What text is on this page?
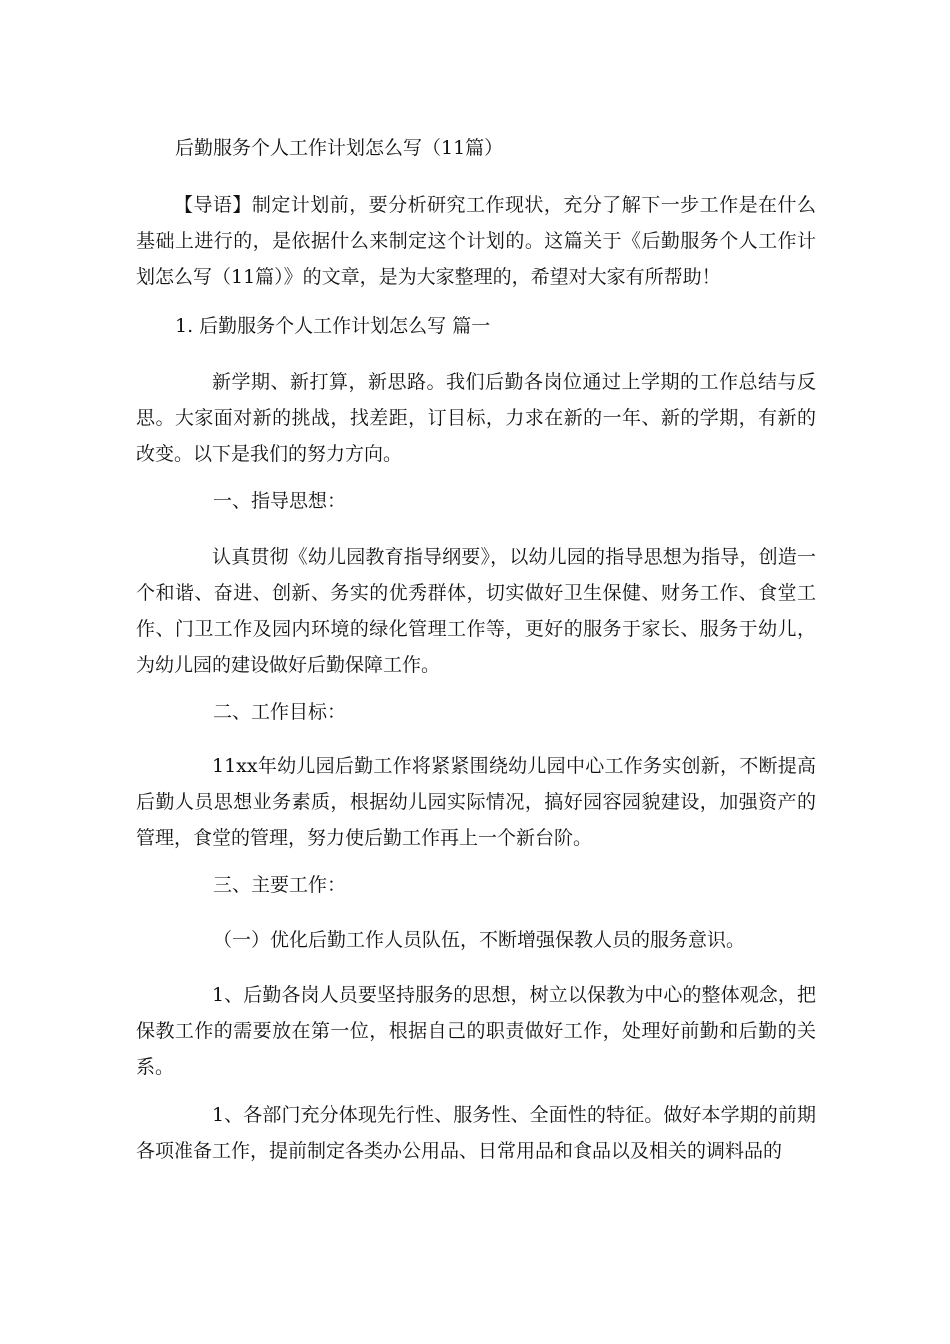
后勤服务个人工作计划怎么写（11篇）

【导语】制定计划前，要分析研究工作现状，充分了解下一步工作是在什么基础上进行的，是依据什么来制定这个计划的。这篇关于《后勤服务个人工作计划怎么写（11篇）》的文章，是为大家整理的，希望对大家有所帮助！

1. 后勤服务个人工作计划怎么写 篇一

新学期、新打算，新思路。我们后勤各岗位通过上学期的工作总结与反思。大家面对新的挑战，找差距，订目标，力求在新的一年、新的学期，有新的改变。以下是我们的努力方向。

一、指导思想：

认真贯彻《幼儿园教育指导纲要》，以幼儿园的指导思想为指导，创造一个和谐、奋进、创新、务实的优秀群体，切实做好卫生保健、财务工作、食堂工作、门卫工作及园内环境的绿化管理工作等，更好的服务于家长、服务于幼儿，为幼儿园的建设做好后勤保障工作。

二、工作目标：

11xx年幼儿园后勤工作将紧紧围绕幼儿园中心工作务实创新，不断提高后勤人员思想业务素质，根据幼儿园实际情况，搞好园容园貌建设，加强资产的管理，食堂的管理，努力使后勤工作再上一个新台阶。

三、主要工作：
（一）优化后勤工作人员队伍，不断增强保教人员的服务意识。

1、后勤各岗人员要坚持服务的思想，树立以保教为中心的整体观念，把保教工作的需要放在第一位，根据自己的职责做好工作，处理好前勤和后勤的关系。

1、各部门充分体现先行性、服务性、全面性的特征。做好本学期的前期各项准备工作，提前制定各类办公用品、日常用品和食品以及相关的调料品的
